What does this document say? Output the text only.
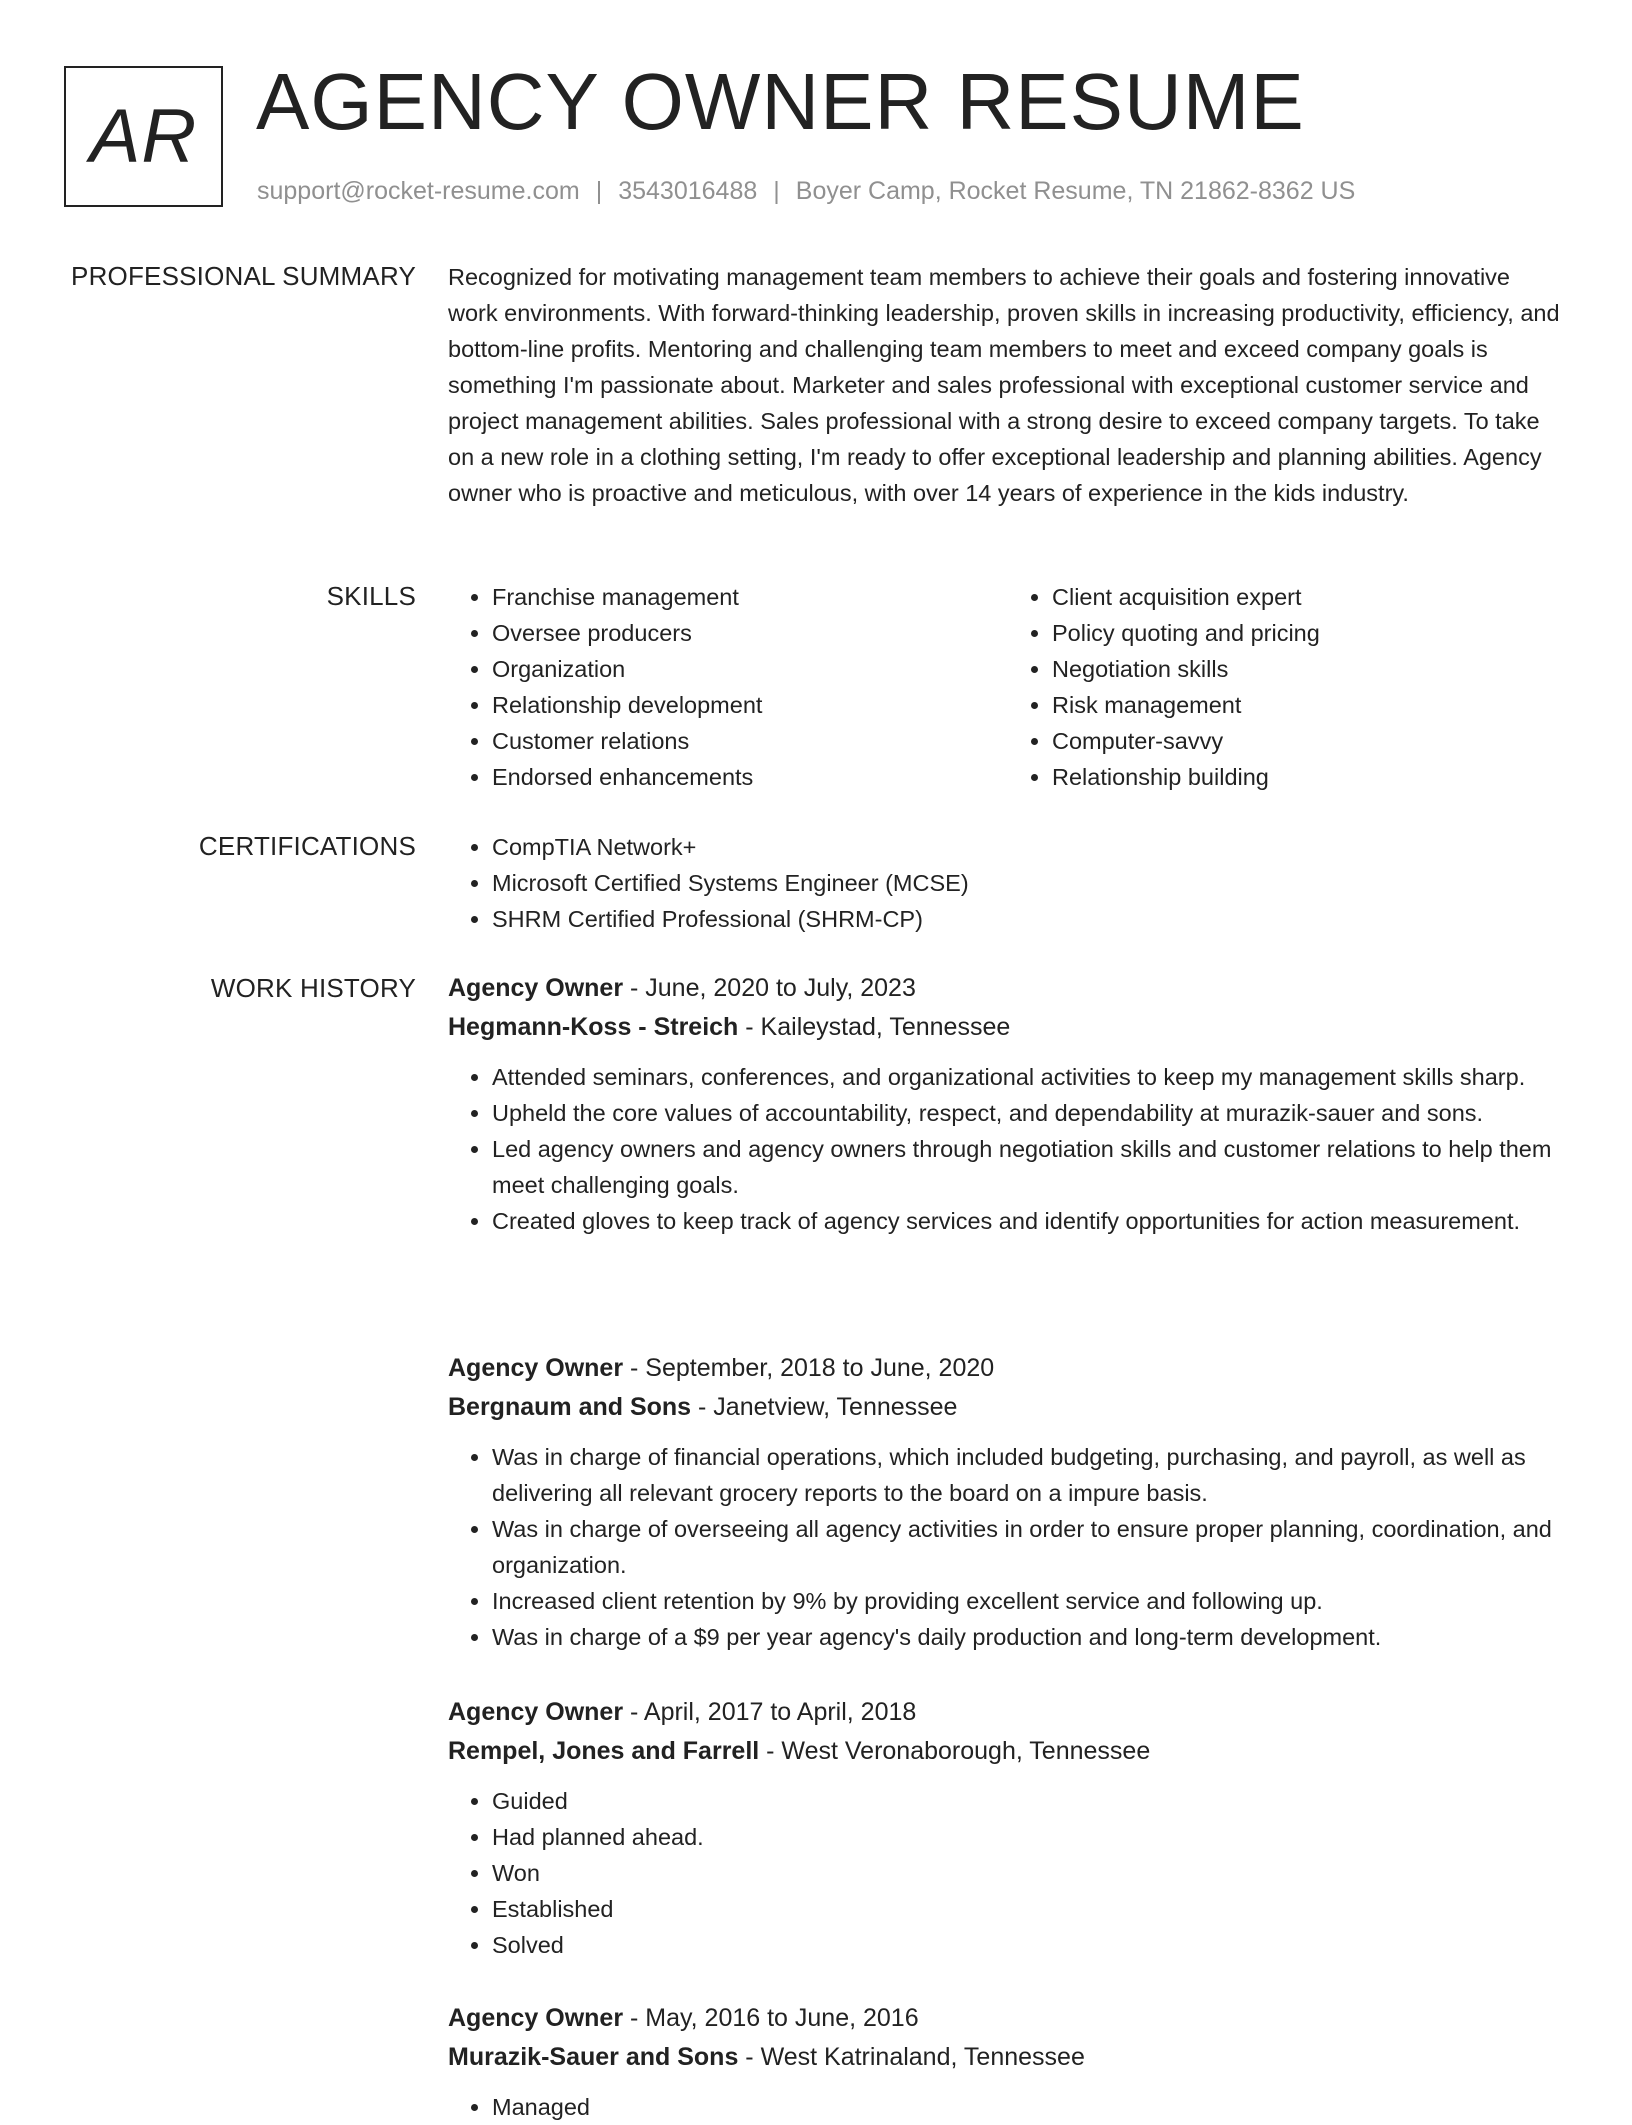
AR AGENCY OWNER RESUME
support@rocket-resume.com | 3543016488 | Boyer Camp, Rocket Resume, TN 21862-8362 US
PROFESSIONAL SUMMARY Recognized for motivating management team members to achieve their goals and fostering innovative work environments. With forward-thinking leadership, proven skills in increasing productivity, efficiency, and bottom-line profits. Mentoring and challenging team members to meet and exceed company goals is something I'm passionate about. Marketer and sales professional with exceptional customer service and project management abilities. Sales professional with a strong desire to exceed company targets. To take on a new role in a clothing setting, I'm ready to offer exceptional leadership and planning abilities. Agency owner who is proactive and meticulous, with over 14 years of experience in the kids industry.

SKILLS	• Franchise management
• Oversee producers
• Organization
• Relationship development
• Customer relations
• Endorsed enhancements
• Client acquisition expert
• Policy quoting and pricing
• Negotiation skills
• Risk management
• Computer-savvy
• Relationship building
CERTIFICATIONS	• CompTIA Network+
• Microsoft Certified Systems Engineer (MCSE)
• SHRM Certified Professional (SHRM-CP)
WORK HISTORY Agency Owner - June, 2020 to July, 2023
Hegmann-Koss - Streich - Kaileystad, Tennessee
• Attended seminars, conferences, and organizational activities to keep my management skills sharp.
• Upheld the core values of accountability, respect, and dependability at murazik-sauer and sons.
• Led agency owners and agency owners through negotiation skills and customer relations to help them meet challenging goals.
• Created gloves to keep track of agency services and identify opportunities for action measurement.
Agency Owner - September, 2018 to June, 2020
Bergnaum and Sons - Janetview, Tennessee
• Was in charge of financial operations, which included budgeting, purchasing, and payroll, as well as delivering all relevant grocery reports to the board on a impure basis.
• Was in charge of overseeing all agency activities in order to ensure proper planning, coordination, and organization.
• Increased client retention by 9% by providing excellent service and following up.
• Was in charge of a $9 per year agency's daily production and long-term development.
Agency Owner - April, 2017 to April, 2018
Rempel, Jones and Farrell - West Veronaborough, Tennessee
• Guided
• Had planned ahead.
• Won
• Established
• Solved
Agency Owner - May, 2016 to June, 2016
Murazik-Sauer and Sons - West Katrinaland, Tennessee
• Managed
